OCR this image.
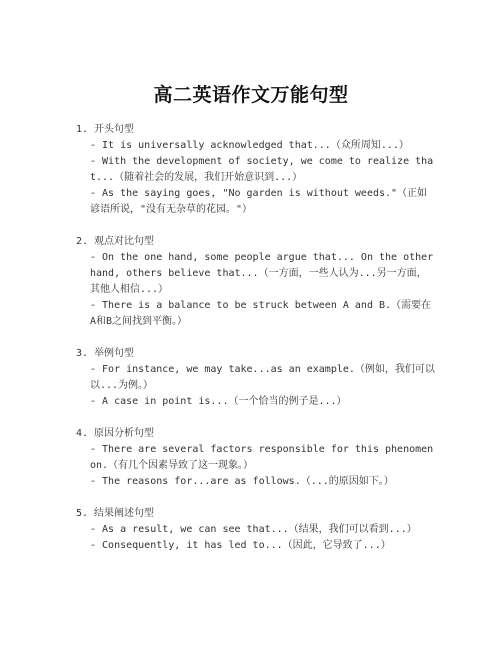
高二英语作文万能句型
1. 开头句型
- It is universally acknowledged that...（众所周知...）
- With the development of society, we come to realize that...（随着社会的发展，我们开始意识到...）
- As the saying goes, "No garden is without weeds."（正如谚语所说，"没有无杂草的花园。"）
2. 观点对比句型
- On the one hand, some people argue that... On the other hand, others believe that...（一方面，一些人认为...另一方面，其他人相信...）
- There is a balance to be struck between A and B.（需要在A和B之间找到平衡。）
3. 举例句型
- For instance, we may take...as an example.（例如，我们可以以...为例。）
- A case in point is...（一个恰当的例子是...）
4. 原因分析句型
- There are several factors responsible for this phenomenon.（有几个因素导致了这一现象。）
- The reasons for...are as follows.（...的原因如下。）
5. 结果阐述句型
- As a result, we can see that...（结果，我们可以看到...）
- Consequently, it has led to...（因此，它导致了...）
